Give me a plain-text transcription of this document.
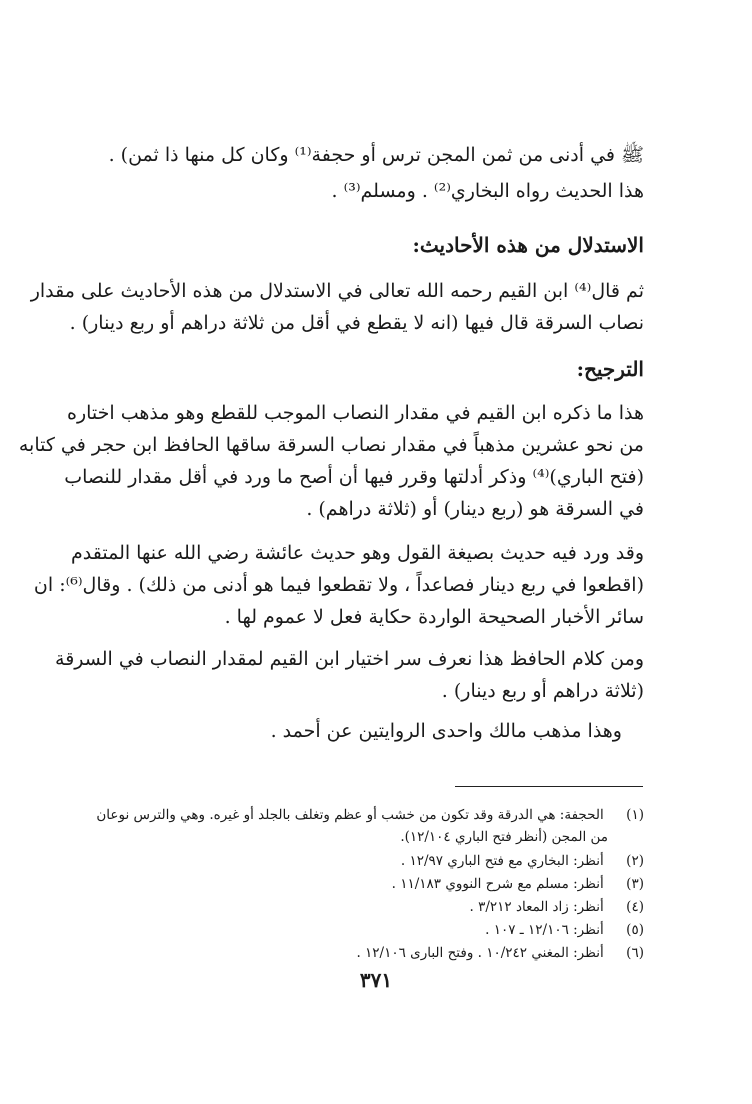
ﷺ في أدنى من ثمن المجن ترس أو حجفة⁽¹⁾ وكان كل منها ذا ثمن) .
هذا الحديث رواه البخاري⁽²⁾ . ومسلم⁽³⁾ .
الاستدلال من هذه الأحاديث:
ثم قال⁽⁴⁾ ابن القيم رحمه الله تعالى في الاستدلال من هذه الأحاديث على مقدار
نصاب السرقة قال فيها (انه لا يقطع في أقل من ثلاثة دراهم أو ربع دينار) .
الترجيح:
هذا ما ذكره ابن القيم في مقدار النصاب الموجب للقطع وهو مذهب اختاره
من نحو عشرين مذهباً في مقدار نصاب السرقة ساقها الحافظ ابن حجر في كتابه
(فتح الباري)⁽⁴⁾ وذكر أدلتها وقرر فيها أن أصح ما ورد في أقل مقدار للنصاب
في السرقة هو (ربع دينار) أو (ثلاثة دراهم) .
وقد ورد فيه حديث بصيغة القول وهو حديث عائشة رضي الله عنها المتقدم
(اقطعوا في ربع دينار فصاعداً ، ولا تقطعوا فيما هو أدنى من ذلك) . وقال⁽⁶⁾: ان
سائر الأخبار الصحيحة الواردة حكاية فعل لا عموم لها .
ومن كلام الحافظ هذا نعرف سر اختيار ابن القيم لمقدار النصاب في السرقة
(ثلاثة دراهم أو ربع دينار) .
وهذا مذهب مالك واحدى الروايتين عن أحمد .
(١) الحجفة: هي الدرقة وقد تكون من خشب أو عظم وتغلف بالجلد أو غيره. وهي والترس نوعان
من المجن (أنظر فتح الباري ١٢/١٠٤).
(٢) أنظر: البخاري مع فتح الباري ١٢/٩٧ .
(٣) أنظر: مسلم مع شرح النووي ١١/١٨٣ .
(٤) أنظر: زاد المعاد ٣/٢١٢ .
(٥) أنظر: ١٢/١٠٦ ـ ١٠٧ .
(٦) أنظر: المغني ١٠/٢٤٢ . وفتح البارى ١٢/١٠٦ .
٣٧١
